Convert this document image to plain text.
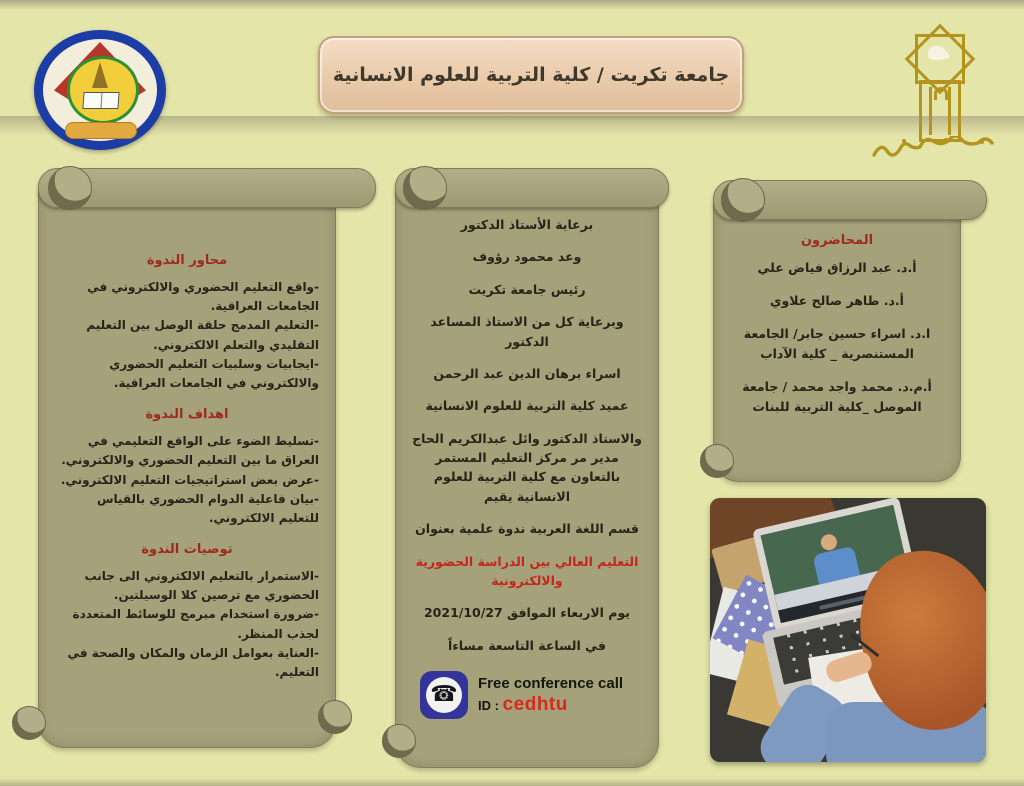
جامعة تكريت / كلية التربية للعلوم الانسانية
محاور الندوة
-واقع التعليم الحضوري والالكتروني في الجامعات العراقية.
-التعليم المدمج حلقة الوصل بين التعليم التقليدي والتعلم الالكتروني.
-ايجابيات وسلبيات التعليم الحضوري والالكتروني في الجامعات العراقية.
اهداف الندوة
-تسليط الضوء على الواقع التعليمي في العراق ما بين التعليم الحضوري والالكتروني.
-عرض بعض استراتيجيات التعليم الالكتروني.
-بيان فاعلية الدوام الحضوري بالقياس للتعليم الالكتروني.
توصيات الندوة
-الاستمرار بالتعليم الالكتروني الى جانب الحضوري مع ترصين كلا الوسيلتين.
-ضرورة استخدام مبرمج للوسائط المتعددة لجذب المنظر.
-العناية بعوامل الزمان والمكان والصحة في التعليم.
برعاية الأستاذ الدكتور
وعد محمود رؤوف
رئيس جامعة تكريت
وبرعاية كل من الاستاذ المساعد الدكتور
اسراء برهان الدين عبد الرحمن
عميد كلية التربية للعلوم الانسانية
والاستاذ الدكتور وائل عبدالكريم الحاج مدير مر مركز التعليم المستمر بالتعاون مع كلية التربية للعلوم الانسانية يقيم
قسم اللغة العربية ندوة علمية بعنوان
التعليم العالي بين الدراسة الحضورية والالكترونية
يوم الاربعاء الموافق 2021/10/27
في الساعة التاسعة مساءاً
☎ Free conference call
ID : cedhtu
المحاضرون
أ.د. عبد الرزاق فياض علي
أ.د. طاهر صالح علاوي
ا.د. اسراء حسين جابر/ الجامعة المستنصرية _ كلية الآداب
أ.م.د. محمد واجد محمد / جامعة الموصل _كلية التربية للبنات
